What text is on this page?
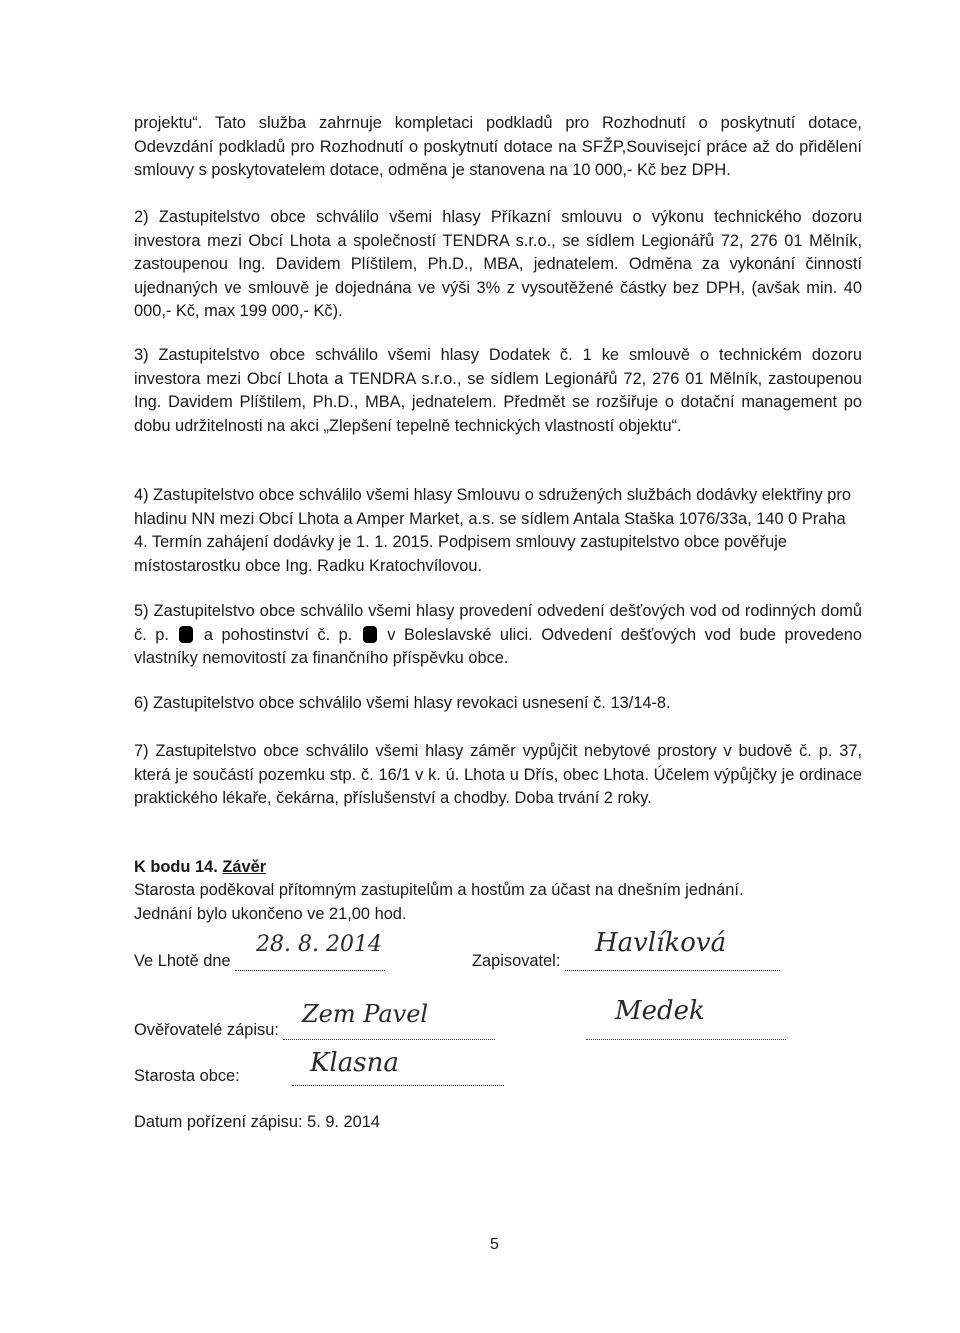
projektu“. Tato služba zahrnuje kompletaci podkladů pro Rozhodnutí o poskytnutí dotace, Odevzdání podkladů pro Rozhodnutí o poskytnutí dotace na SFŽP,Souvisejcí práce až do přidělení smlouvy s poskytovatelem dotace, odměna je stanovena na 10 000,- Kč bez DPH.

2) Zastupitelstvo obce schválilo všemi hlasy Příkazní smlouvu o výkonu technického dozoru investora mezi Obcí Lhota a společností TENDRA s.r.o., se sídlem Legionářů 72, 276 01 Mělník, zastoupenou Ing. Davidem Plíštilem, Ph.D., MBA, jednatelem. Odměna za vykonání činností ujednaných ve smlouvě je dojednána ve výši 3% z vysoutěžené částky bez DPH, (avšak min. 40 000,- Kč, max 199 000,- Kč).

3) Zastupitelstvo obce schválilo všemi hlasy Dodatek č. 1 ke smlouvě o technickém dozoru investora mezi Obcí Lhota a TENDRA s.r.o., se sídlem Legionářů 72, 276 01 Mělník, zastoupenou Ing. Davidem Plíštilem, Ph.D., MBA, jednatelem. Předmět se rozšiřuje o dotační management po dobu udržitelnosti na akci „Zlepšení tepelně technických vlastností objektu“.

4) Zastupitelstvo obce schválilo všemi hlasy Smlouvu o sdružených službách dodávky elektřiny pro hladinu NN mezi Obcí Lhota a Amper Market, a.s. se sídlem Antala Staška 1076/33a, 140 0 Praha 4. Termín zahájení dodávky je 1. 1. 2015. Podpisem smlouvy zastupitelstvo obce pověřuje místostarostku obce Ing. Radku Kratochvílovou.

5) Zastupitelstvo obce schválilo všemi hlasy provedení odvedení dešťových vod od rodinných domů č. p. a pohostinství č. p. v Boleslavské ulici. Odvedení dešťových vod bude provedeno vlastníky nemovitostí za finančního příspěvku obce.

6) Zastupitelstvo obce schválilo všemi hlasy revokaci usnesení č. 13/14-8.

7) Zastupitelstvo obce schválilo všemi hlasy záměr vypůjčit nebytové prostory v budově č. p. 37, která je součástí pozemku stp. č. 16/1 v k. ú. Lhota u Dřís, obec Lhota. Účelem výpůjčky je ordinace praktického lékaře, čekárna, příslušenství a chodby. Doba trvání 2 roky.

K bodu 14. Závěr
Starosta poděkoval přítomným zastupitelům a hostům za účast na dnešním jednání.
Jednání bylo ukončeno ve 21,00 hod.
Ve Lhotě dne
28. 8. 2014
Zapisovatel:
Havlíková
Ověřovatelé zápisu:
Zem Pavel	Medek
Starosta obce:	Klasna
Datum pořízení zápisu: 5. 9. 2014
5
